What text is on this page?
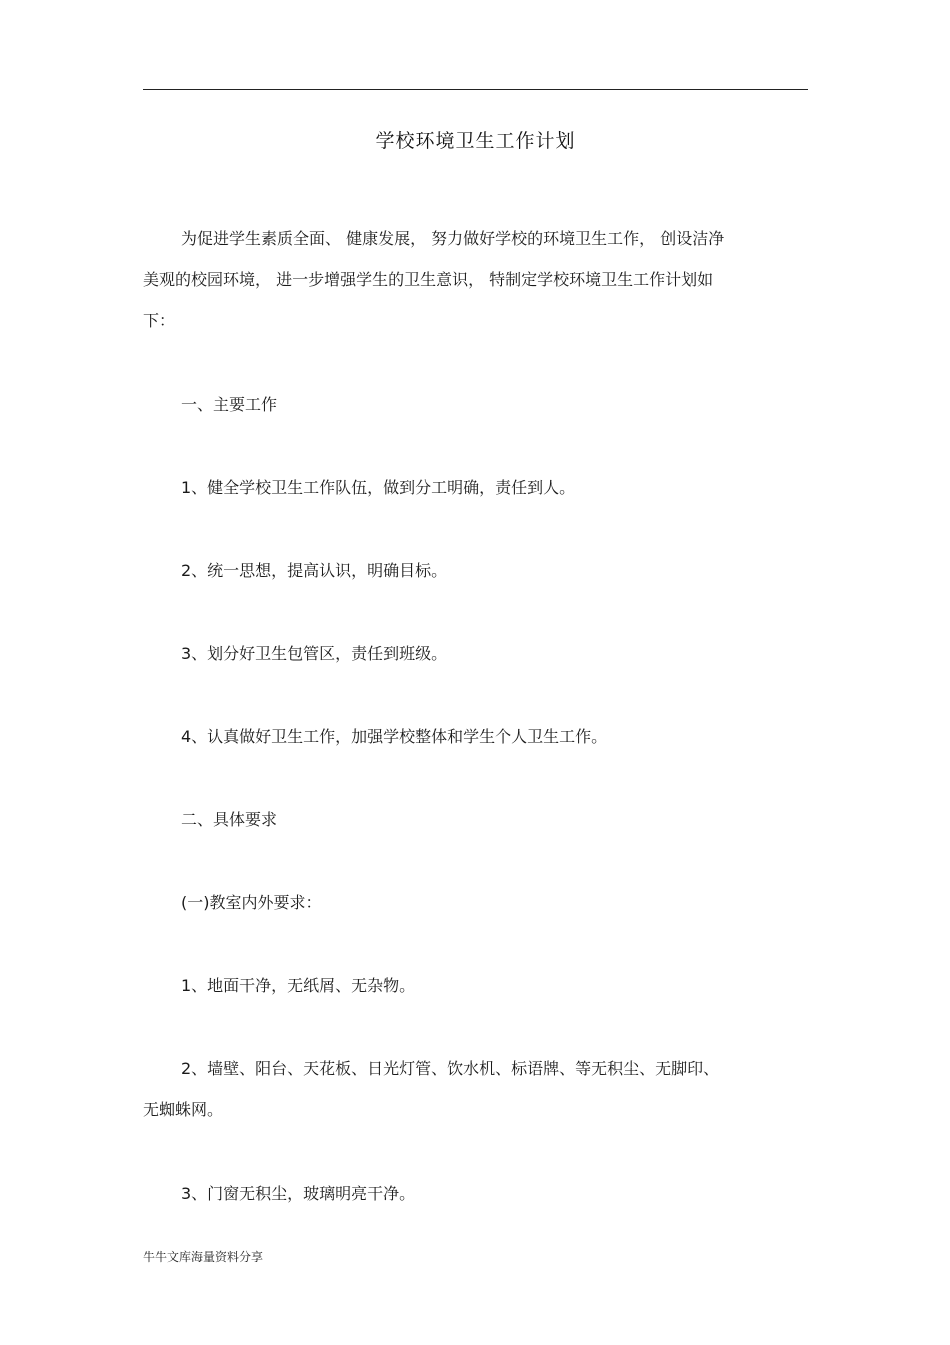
学校环境卫生工作计划
为促进学生素质全面、 健康发展， 努力做好学校的环境卫生工作， 创设洁净
美观的校园环境， 进一步增强学生的卫生意识， 特制定学校环境卫生工作计划如
下：
一、主要工作
1、健全学校卫生工作队伍，做到分工明确，责任到人。
2、统一思想，提高认识，明确目标。
3、划分好卫生包管区，责任到班级。
4、认真做好卫生工作，加强学校整体和学生个人卫生工作。
二、具体要求
(一)教室内外要求：
1、地面干净，无纸屑、无杂物。
2、墙壁、阳台、天花板、日光灯管、饮水机、标语牌、等无积尘、无脚印、
无蜘蛛网。
3、门窗无积尘，玻璃明亮干净。
牛牛文库海量资料分享
